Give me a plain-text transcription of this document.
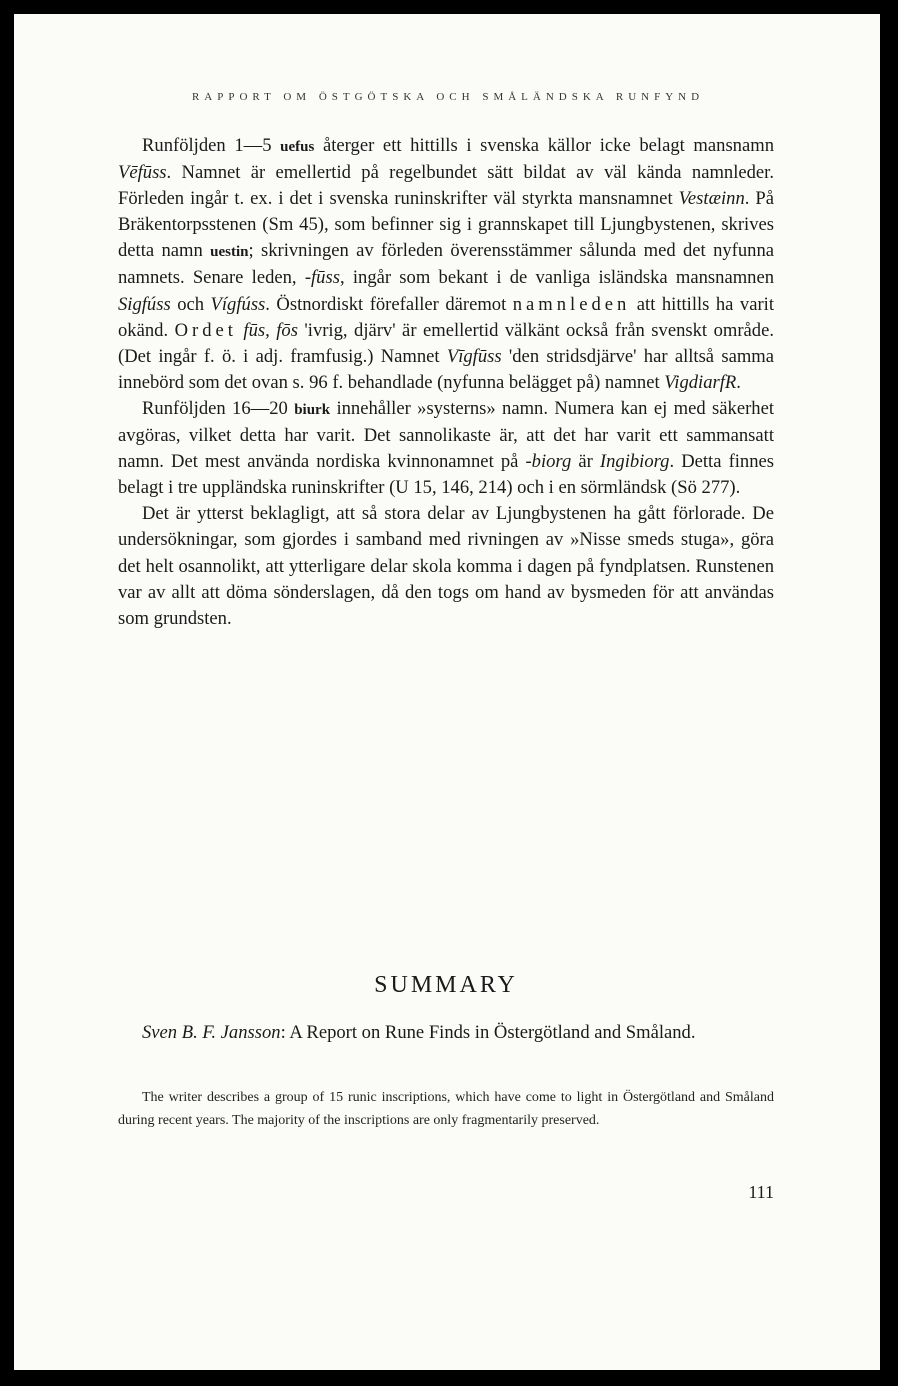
RAPPORT OM ÖSTGÖTSKA OCH SMÅLÄNDSKA RUNFYND

Runföljden 1—5 uefus återger ett hittills i svenska källor icke belagt mansnamn Vēfūss. Namnet är emellertid på regelbundet sätt bildat av väl kända namnleder. Förleden ingår t. ex. i det i svenska runinskrifter väl styrkta mansnamnet Vestæinn. På Bräkentorpsstenen (Sm 45), som befinner sig i grannskapet till Ljungbystenen, skrives detta namn uestin; skrivningen av förleden överensstämmer sålunda med det nyfunna namnets. Senare leden, -fūss, ingår som bekant i de vanliga isländska mansnamnen Sigfúss och Vígfúss. Östnordiskt förefaller däremot namnleden att hittills ha varit okänd. Ordet fūs, fōs 'ivrig, djärv' är emellertid välkänt också från svenskt område. (Det ingår f. ö. i adj. framfusig.) Namnet Vīgfūss 'den stridsdjärve' har alltså samma innebörd som det ovan s. 96 f. behandlade (nyfunna belägget på) namnet VigdiarfR.

Runföljden 16—20 biurk innehåller »systerns» namn. Numera kan ej med säkerhet avgöras, vilket detta har varit. Det sannolikaste är, att det har varit ett sammansatt namn. Det mest använda nordiska kvinnonamnet på -biorg är Ingibiorg. Detta finnes belagt i tre uppländska runinskrifter (U 15, 146, 214) och i en sörmländsk (Sö 277).

Det är ytterst beklagligt, att så stora delar av Ljungbystenen ha gått förlorade. De undersökningar, som gjordes i samband med rivningen av »Nisse smeds stuga», göra det helt osannolikt, att ytterligare delar skola komma i dagen på fyndplatsen. Runstenen var av allt att döma sönderslagen, då den togs om hand av bysmeden för att användas som grundsten.

SUMMARY
Sven B. F. Jansson: A Report on Rune Finds in Östergötland and Småland.
The writer describes a group of 15 runic inscriptions, which have come to light in Östergötland and Småland during recent years. The majority of the inscriptions are only fragmentarily preserved.
111
